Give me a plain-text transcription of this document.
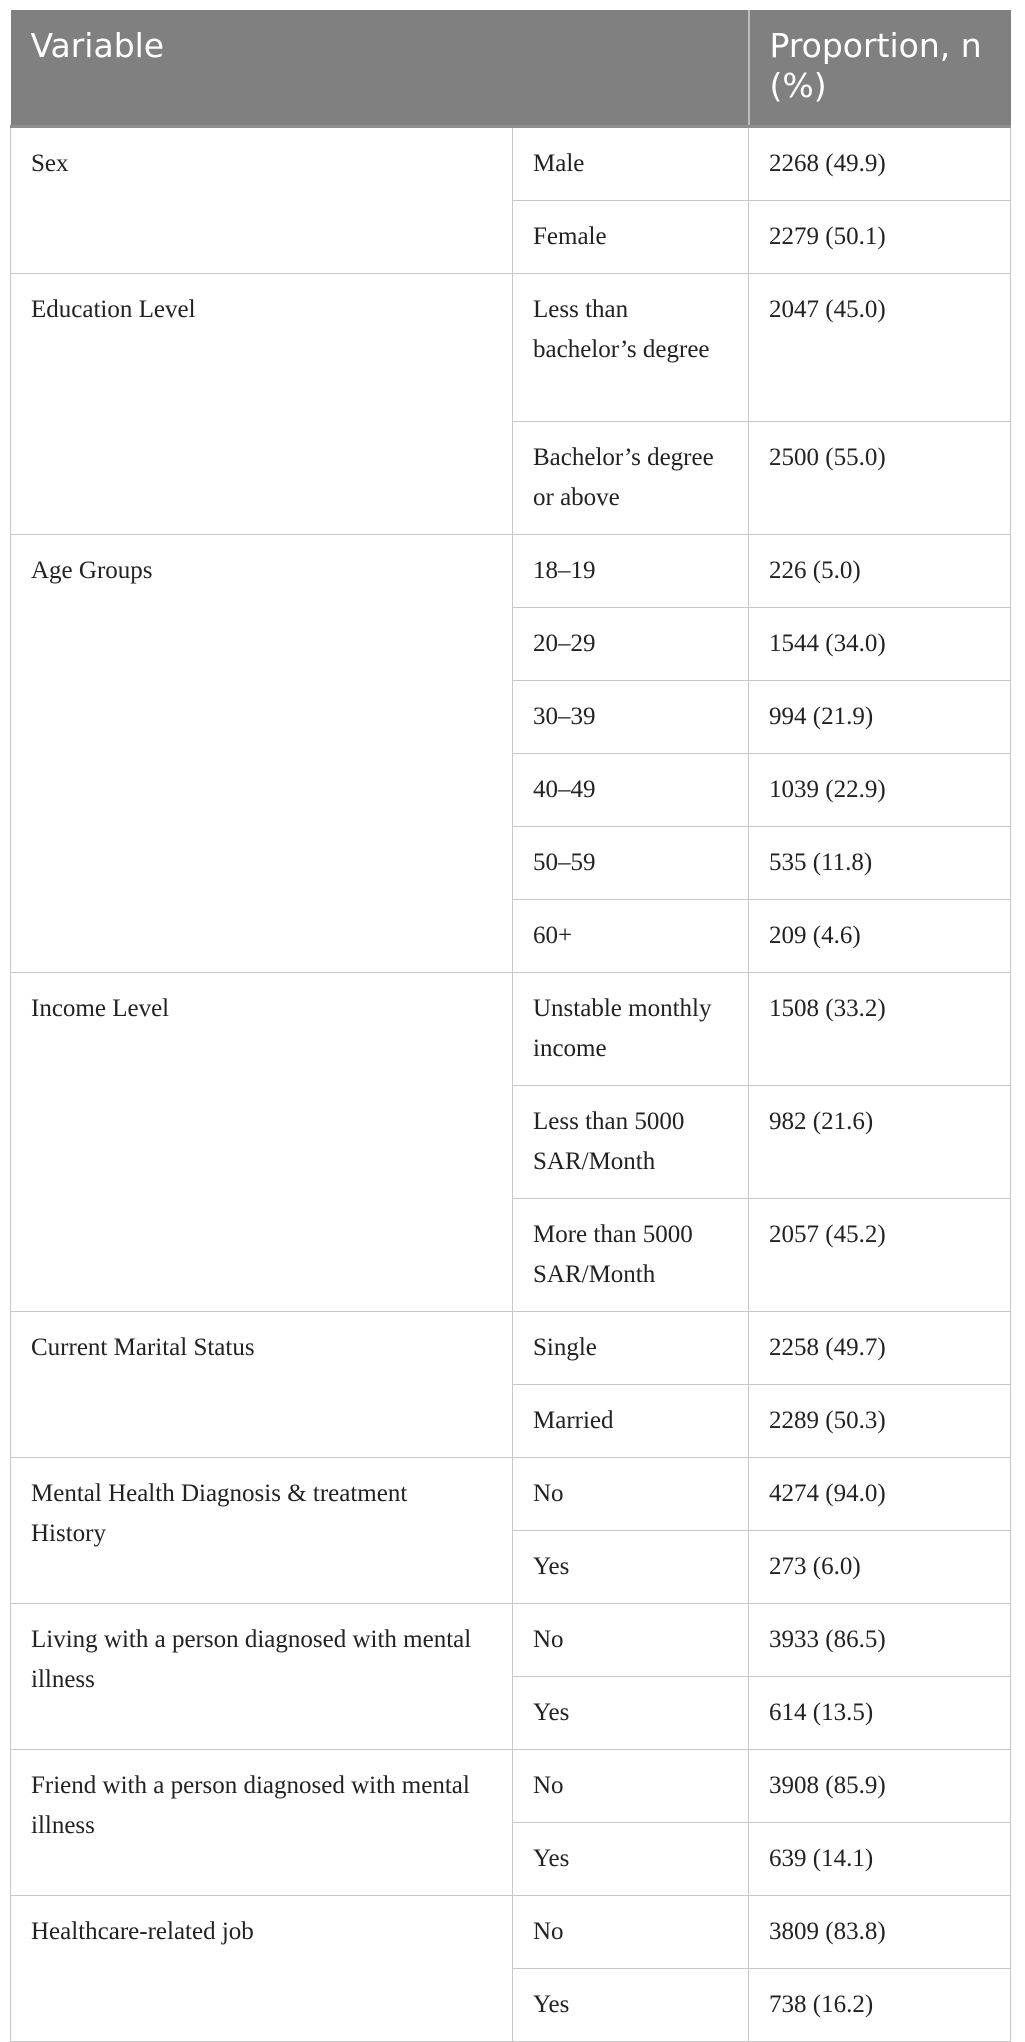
Variable		Proportion, n (%)
Sex	Male	2268 (49.9)
	Female	2279 (50.1)
Education Level	Less than bachelor’s degree	2047 (45.0)
	Bachelor’s degree or above	2500 (55.0)
Age Groups	18–19	226 (5.0)
	20–29	1544 (34.0)
	30–39	994 (21.9)
	40–49	1039 (22.9)
	50–59	535 (11.8)
	60+	209 (4.6)
Income Level	Unstable monthly income	1508 (33.2)
	Less than 5000 SAR/Month	982 (21.6)
	More than 5000 SAR/Month	2057 (45.2)
Current Marital Status	Single	2258 (49.7)
	Married	2289 (50.3)
Mental Health Diagnosis & treatment History	No	4274 (94.0)
	Yes	273 (6.0)
Living with a person diagnosed with mental illness	No	3933 (86.5)
	Yes	614 (13.5)
Friend with a person diagnosed with mental illness	No	3908 (85.9)
	Yes	639 (14.1)
Healthcare-related job	No	3809 (83.8)
	Yes	738 (16.2)
